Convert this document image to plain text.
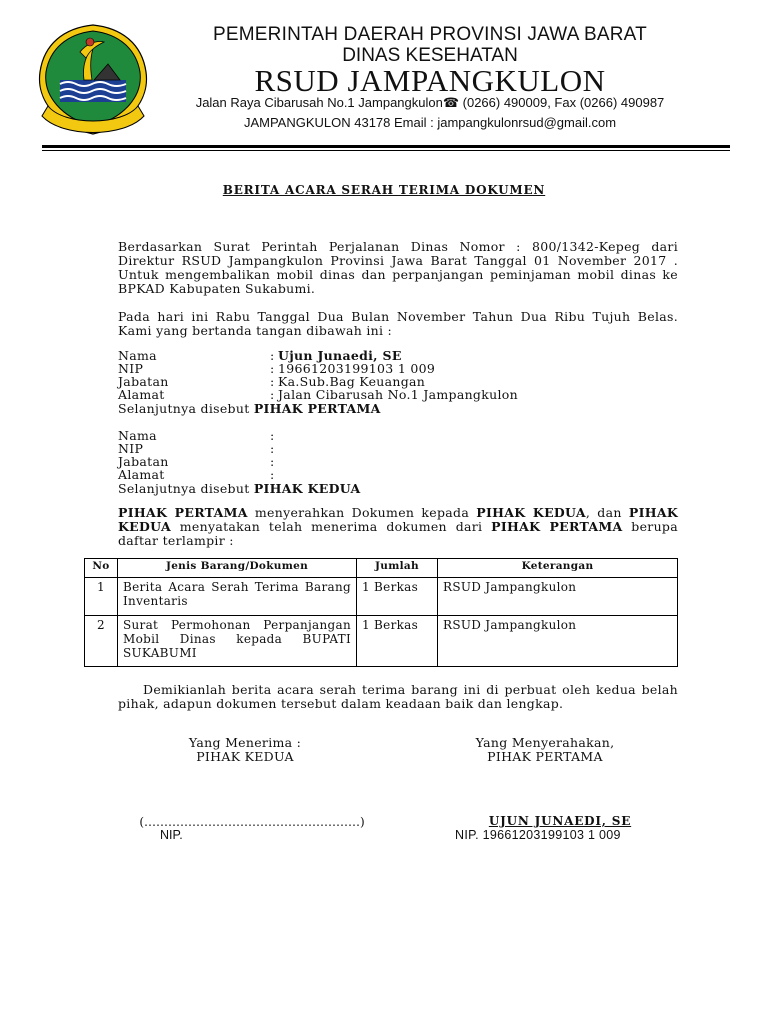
PEMERINTAH DAERAH PROVINSI JAWA BARAT
DINAS KESEHATAN
RSUD JAMPANGKULON
Jalan Raya Cibarusah No.1 Jampangkulon☎ (0266) 490009, Fax (0266) 490987
JAMPANGKULON 43178 Email : jampangkulonrsud@gmail.com
BERITA ACARA SERAH TERIMA DOKUMEN
Berdasarkan Surat Perintah Perjalanan Dinas Nomor : 800/1342-Kepeg dari Direktur RSUD Jampangkulon Provinsi Jawa Barat Tanggal 01 November 2017 . Untuk mengembalikan mobil dinas dan perpanjangan peminjaman mobil dinas ke BPKAD Kabupaten Sukabumi.
Pada hari ini Rabu Tanggal Dua Bulan November Tahun Dua Ribu Tujuh Belas. Kami yang bertanda tangan dibawah ini :
Nama	: Ujun Junaedi, SE
NIP	: 19661203199103 1 009
Jabatan	: Ka.Sub.Bag Keuangan
Alamat	: Jalan Cibarusah No.1 Jampangkulon
Selanjutnya disebut PIHAK PERTAMA
Nama	:
NIP	:
Jabatan	:
Alamat	:
Selanjutnya disebut PIHAK KEDUA
PIHAK PERTAMA menyerahkan Dokumen kepada PIHAK KEDUA, dan PIHAK KEDUA menyatakan telah menerima dokumen dari PIHAK PERTAMA berupa daftar terlampir :
No	Jenis Barang/Dokumen	Jumlah	Keterangan
1	Berita Acara Serah Terima Barang Inventaris	1 Berkas	RSUD Jampangkulon
2	Surat Permohonan Perpanjangan Mobil Dinas kepada BUPATI SUKABUMI	1 Berkas	RSUD Jampangkulon
Demikianlah berita acara serah terima barang ini di perbuat oleh kedua belah pihak, adapun dokumen tersebut dalam keadaan baik dan lengkap.
Yang Menerima :
PIHAK KEDUA
Yang Menyerahakan,
PIHAK PERTAMA
(………………………………………………)
NIP.
UJUN JUNAEDI, SE
NIP. 19661203199103 1 009
